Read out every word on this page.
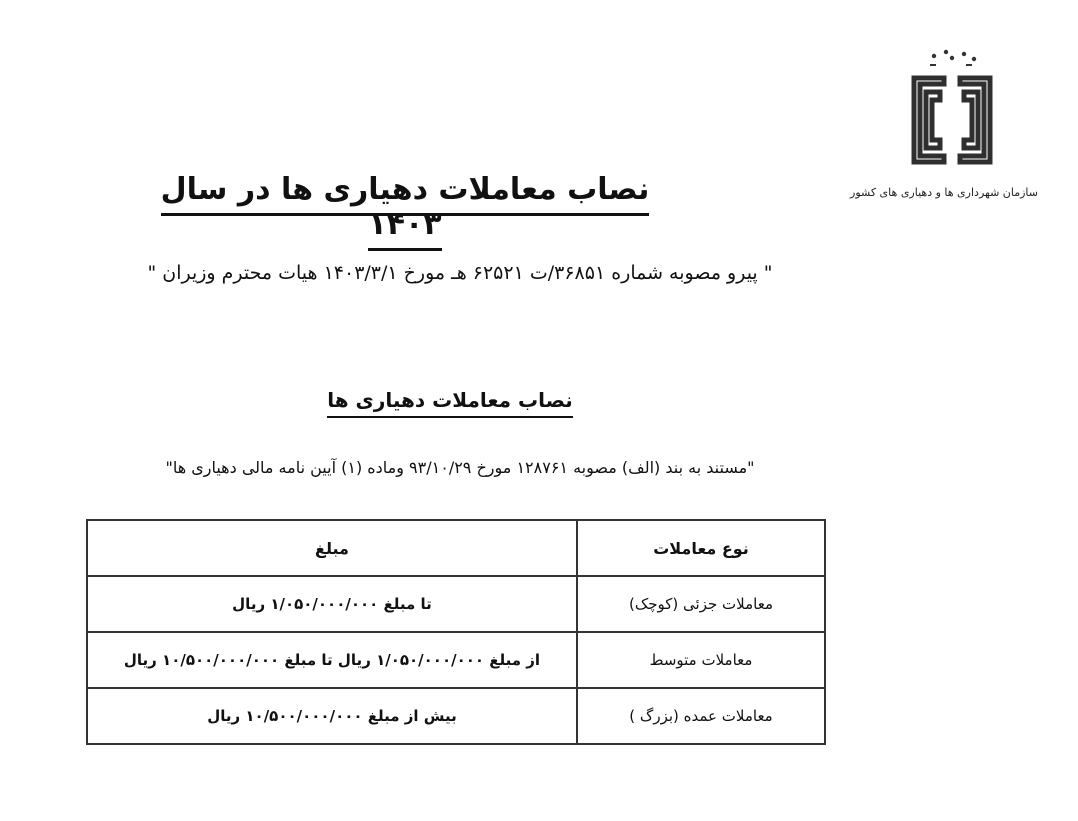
سازمان شهرداری ها و دهیاری های کشور
نصاب معاملات دهیاری ها در سال ۱۴۰۳
" پیرو مصوبه شماره ۳۶۸۵۱/ت ۶۲۵۲۱ هـ مورخ ۱۴۰۳/۳/۱ هیات محترم وزیران "
نصاب معاملات دهیاری ها
"مستند به بند (الف) مصوبه ۱۲۸۷۶۱ مورخ ۹۳/۱۰/۲۹ وماده (۱) آیین نامه مالی دهیاری ها"
نوع معاملات	مبلغ
معاملات جزئی (کوچک)	تا مبلغ ۱/۰۵۰/۰۰۰/۰۰۰ ریال
معاملات متوسط	از مبلغ ۱/۰۵۰/۰۰۰/۰۰۰ ریال تا مبلغ ۱۰/۵۰۰/۰۰۰/۰۰۰ ریال
معاملات عمده (بزرگ )	بیش از مبلغ ۱۰/۵۰۰/۰۰۰/۰۰۰ ریال
